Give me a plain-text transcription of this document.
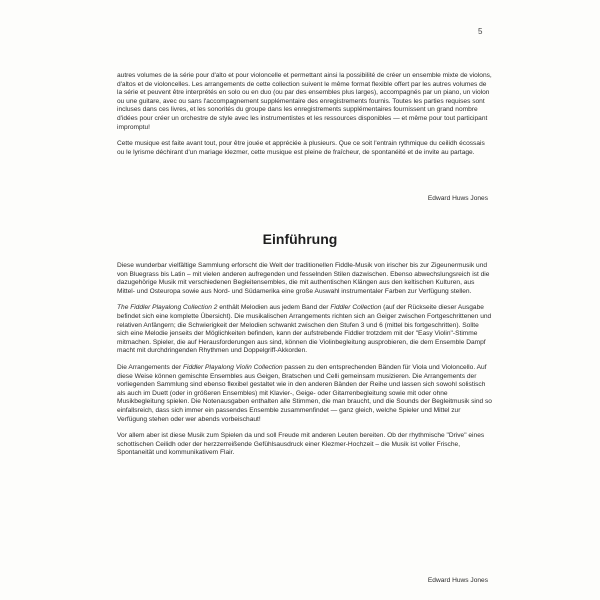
5

autres volumes de la série pour d'alto et pour violoncelle et permettant ainsi la possibilité de créer un ensemble mixte de violons, d'altos et de violoncelles. Les arrangements de cette collection suivent le même format flexible offert par les autres volumes de la série et peuvent être interprétés en solo ou en duo (ou par des ensembles plus larges), accompagnés par un piano, un violon ou une guitare, avec ou sans l'accompagnement supplémentaire des enregistrements fournis. Toutes les parties requises sont incluses dans ces livres, et les sonorités du groupe dans les enregistrements supplémentaires fournissent un grand nombre d'idées pour créer un orchestre de style avec les instrumentistes et les ressources disponibles — et même pour tout participant impromptu!

Cette musique est faite avant tout, pour être jouée et appréciée à plusieurs. Que ce soit l'entrain rythmique du ceilidh écossais ou le lyrisme déchirant d'un mariage klezmer, cette musique est pleine de fraîcheur, de spontanéité et de invite au partage.

Edward Huws Jones
Einführung

Diese wunderbar vielfältige Sammlung erforscht die Welt der traditionellen Fiddle-Musik von irischer bis zur Zigeunermusik und von Bluegrass bis Latin – mit vielen anderen aufregenden und fesselnden Stilen dazwischen. Ebenso abwechslungsreich ist die dazugehörige Musik mit verschiedenen Begleitensembles, die mit authentischen Klängen aus den keltischen Kulturen, aus Mittel- und Osteuropa sowie aus Nord- und Südamerika eine große Auswahl instrumentaler Farben zur Verfügung stellen.

The Fiddler Playalong Collection 2 enthält Melodien aus jedem Band der Fiddler Collection (auf der Rückseite dieser Ausgabe befindet sich eine komplette Übersicht). Die musikalischen Arrangements richten sich an Geiger zwischen Fortgeschrittenen und relativen Anfängern; die Schwierigkeit der Melodien schwankt zwischen den Stufen 3 und 6 (mittel bis fortgeschritten). Sollte sich eine Melodie jenseits der Möglichkeiten befinden, kann der aufstrebende Fiddler trotzdem mit der "Easy Violin"-Stimme mitmachen. Spieler, die auf Herausforderungen aus sind, können die Violinbegleitung ausprobieren, die dem Ensemble Dampf macht mit durchdringenden Rhythmen und Doppelgriff-Akkorden.

Die Arrangements der Fiddler Playalong Violin Collection passen zu den entsprechenden Bänden für Viola und Violoncello. Auf diese Weise können gemischte Ensembles aus Geigen, Bratschen und Celli gemeinsam musizieren. Die Arrangements der vorliegenden Sammlung sind ebenso flexibel gestaltet wie in den anderen Bänden der Reihe und lassen sich sowohl solistisch als auch im Duett (oder in größeren Ensembles) mit Klavier-, Geige- oder Gitarrenbegleitung sowie mit oder ohne Musikbegleitung spielen. Die Notenausgaben enthalten alle Stimmen, die man braucht, und die Sounds der Begleitmusik sind so einfallsreich, dass sich immer ein passendes Ensemble zusammenfindet — ganz gleich, welche Spieler und Mittel zur Verfügung stehen oder wer abends vorbeischaut!

Vor allem aber ist diese Musik zum Spielen da und soll Freude mit anderen Leuten bereiten. Ob der rhythmische "Drive" eines schottischen Ceilidh oder der herzzerreißende Gefühlsausdruck einer Klezmer-Hochzeit – die Musik ist voller Frische, Spontaneität und kommunikativem Flair.

Edward Huws Jones
